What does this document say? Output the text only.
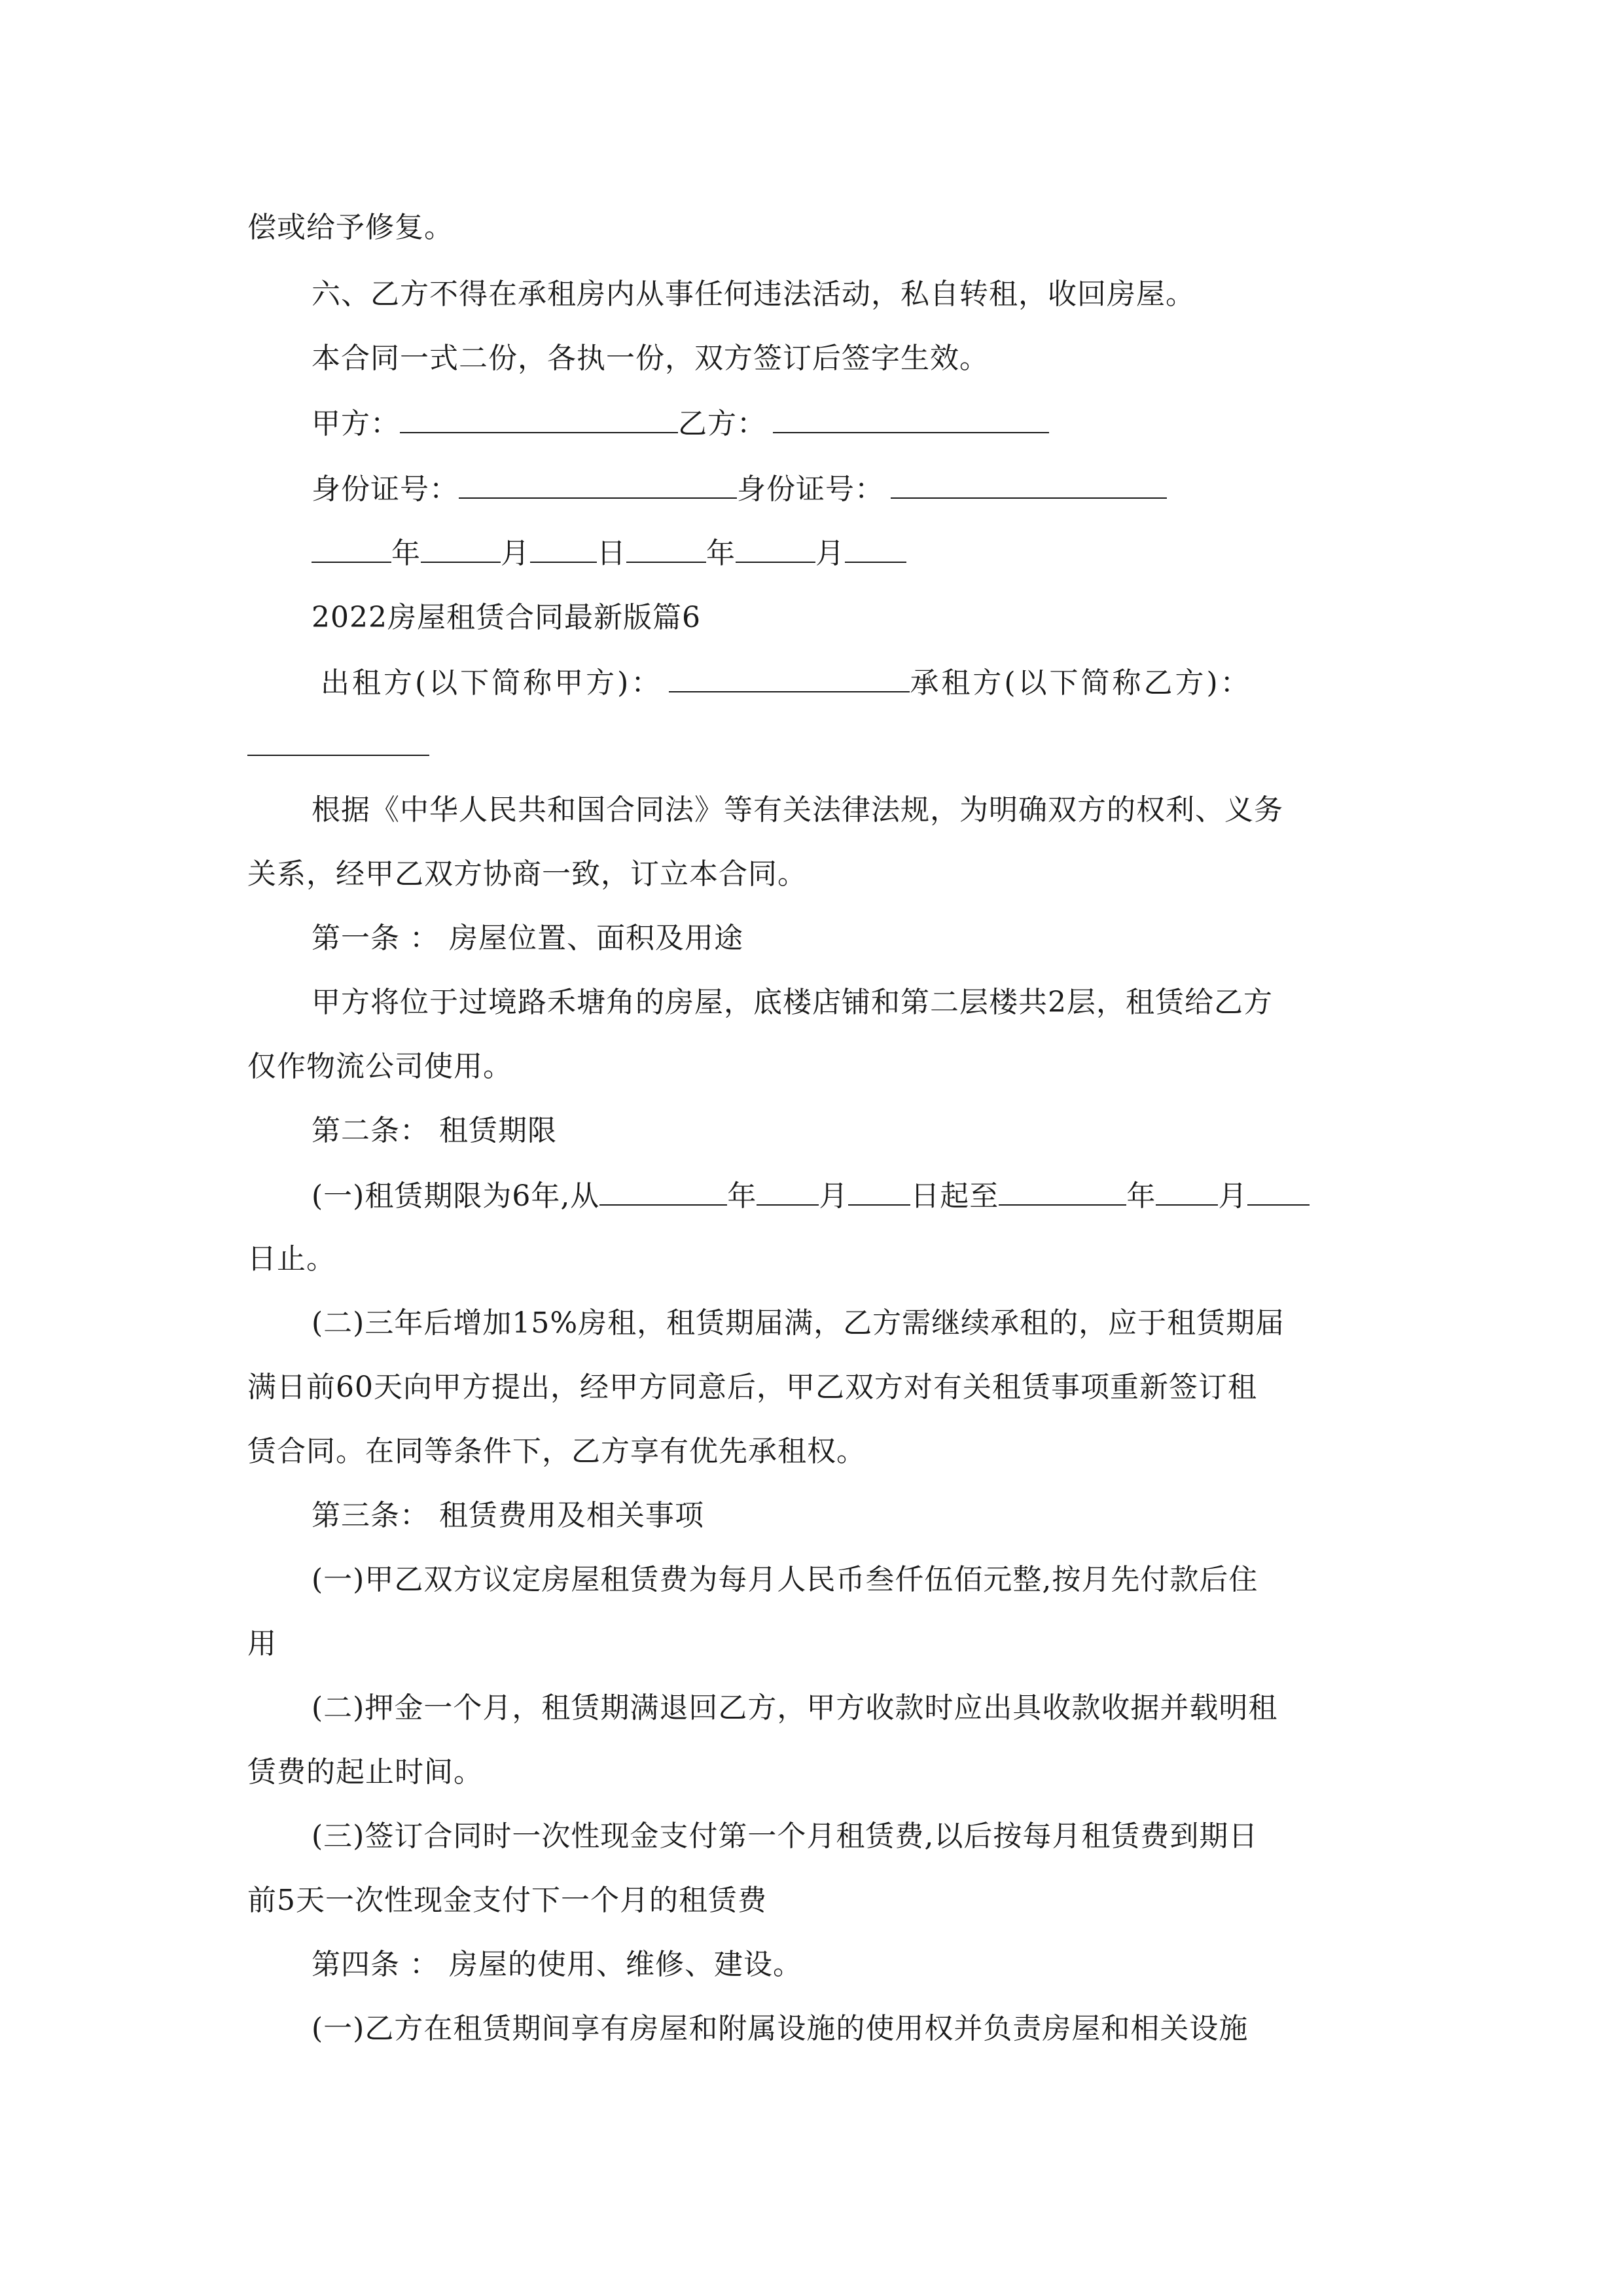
偿或给予修复。
六、乙方不得在承租房内从事任何违法活动，私自转租，收回房屋。
本合同一式二份，各执一份，双方签订后签字生效。
甲方：	乙方：
身份证号：	身份证号：
年	月 日	年	月
2022房屋租赁合同最新版篇6
出租方(以下简称甲方)：	承租方(以下简称乙方)：
根据《中华人民共和国合同法》等有关法律法规，为明确双方的权利、义务
关系，经甲乙双方协商一致，订立本合同。
第一条 ： 房屋位置、面积及用途
甲方将位于过境路禾塘角的房屋，底楼店铺和第二层楼共2层，租赁给乙方
仅作物流公司使用。
第二条： 租赁期限
(一)租赁期限为6年,从	年 月 日起至	年 月
日止。
(二)三年后增加15%房租，租赁期届满，乙方需继续承租的，应于租赁期届
满日前60天向甲方提出，经甲方同意后，甲乙双方对有关租赁事项重新签订租
赁合同。在同等条件下，乙方享有优先承租权。
第三条： 租赁费用及相关事项
(一)甲乙双方议定房屋租赁费为每月人民币叁仟伍佰元整,按月先付款后住
用
(二)押金一个月，租赁期满退回乙方，甲方收款时应出具收款收据并载明租
赁费的起止时间。
(三)签订合同时一次性现金支付第一个月租赁费,以后按每月租赁费到期日
前5天一次性现金支付下一个月的租赁费
第四条 ： 房屋的使用、维修、建设。
(一)乙方在租赁期间享有房屋和附属设施的使用权并负责房屋和相关设施
